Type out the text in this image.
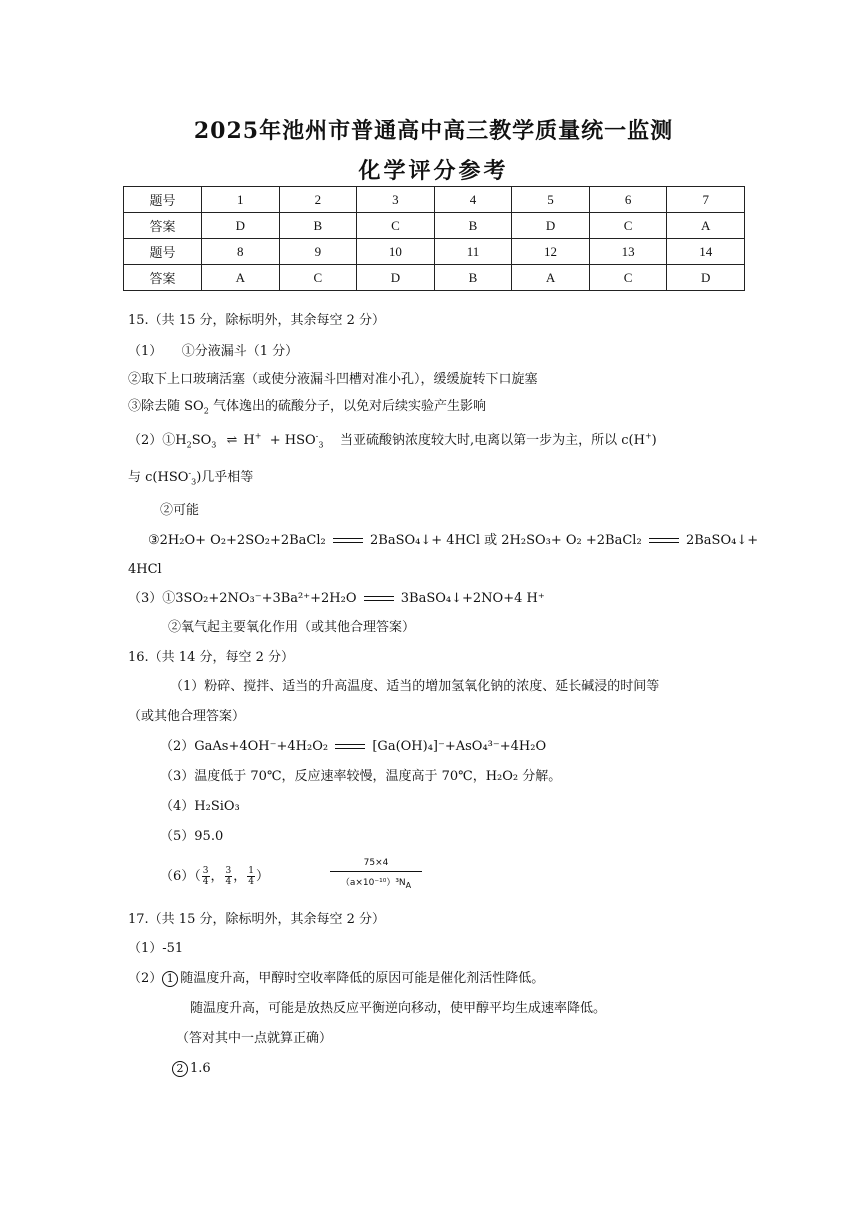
2025年池州市普通高中高三教学质量统一监测
化学评分参考
题号	1	2	3	4	5	6	7
答案	D	B	C	B	D	C	A
题号	8	9	10	11	12	13	14
答案	A	C	D	B	A	C	D
15.（共 15 分，除标明外，其余每空 2 分）
（1）　　①分液漏斗（1 分）
②取下上口玻璃活塞（或使分液漏斗凹槽对准小孔），缓缓旋转下口旋塞
③除去随 $SO_2$ 气体逸出的硫酸分子，以免对后续实验产生影响
$(2)①H_2SO_3$ ⇌ $H^+ + HSO^-_3$ 当亚硫酸钠浓度较大时,电离以第一步为主，所以 c(H+)
与 $c(HSO^-_3)$几乎相等
②可能
③2H₂O+ O₂+2SO₂+2BaCl₂	2BaSO₄↓+ 4HCl 或 2H₂SO₃+ O₂ +2BaCl₂	2BaSO₄↓+
4HCl
（3）①3SO₂+2NO₃⁻+3Ba²⁺+2H₂O	3BaSO₄↓+2NO+4 H⁺
②氧气起主要氧化作用（或其他合理答案）
16.（共 14 分，每空 2 分）
（1）粉碎、搅拌、适当的升高温度、适当的增加氢氧化钠的浓度、延长碱浸的时间等
（或其他合理答案）
（2）GaAs+4OH⁻+4H₂O₂	[Ga(OH)₄]⁻+AsO₄³⁻+4H₂O
（3）温度低于 70℃，反应速率较慢，温度高于 70℃，H₂O₂ 分解。
（4）H₂SiO₃
（5）95.0
$(6)( \frac{3}{4}$ ， $\frac{3}{4}$ ， $\frac{1}{4}$ ）	$\frac{75\times 4}{(a\times 10^{-10})^3N_A}$
17.（共 15 分，除标明外，其余每空 2 分）
（1）-51
（2） 1 随温度升高，甲醇时空收率降低的原因可能是催化剂活性降低。
随温度升高，可能是放热反应平衡逆向移动，使甲醇平均生成速率降低。
（答对其中一点就算正确）
2 1.6
